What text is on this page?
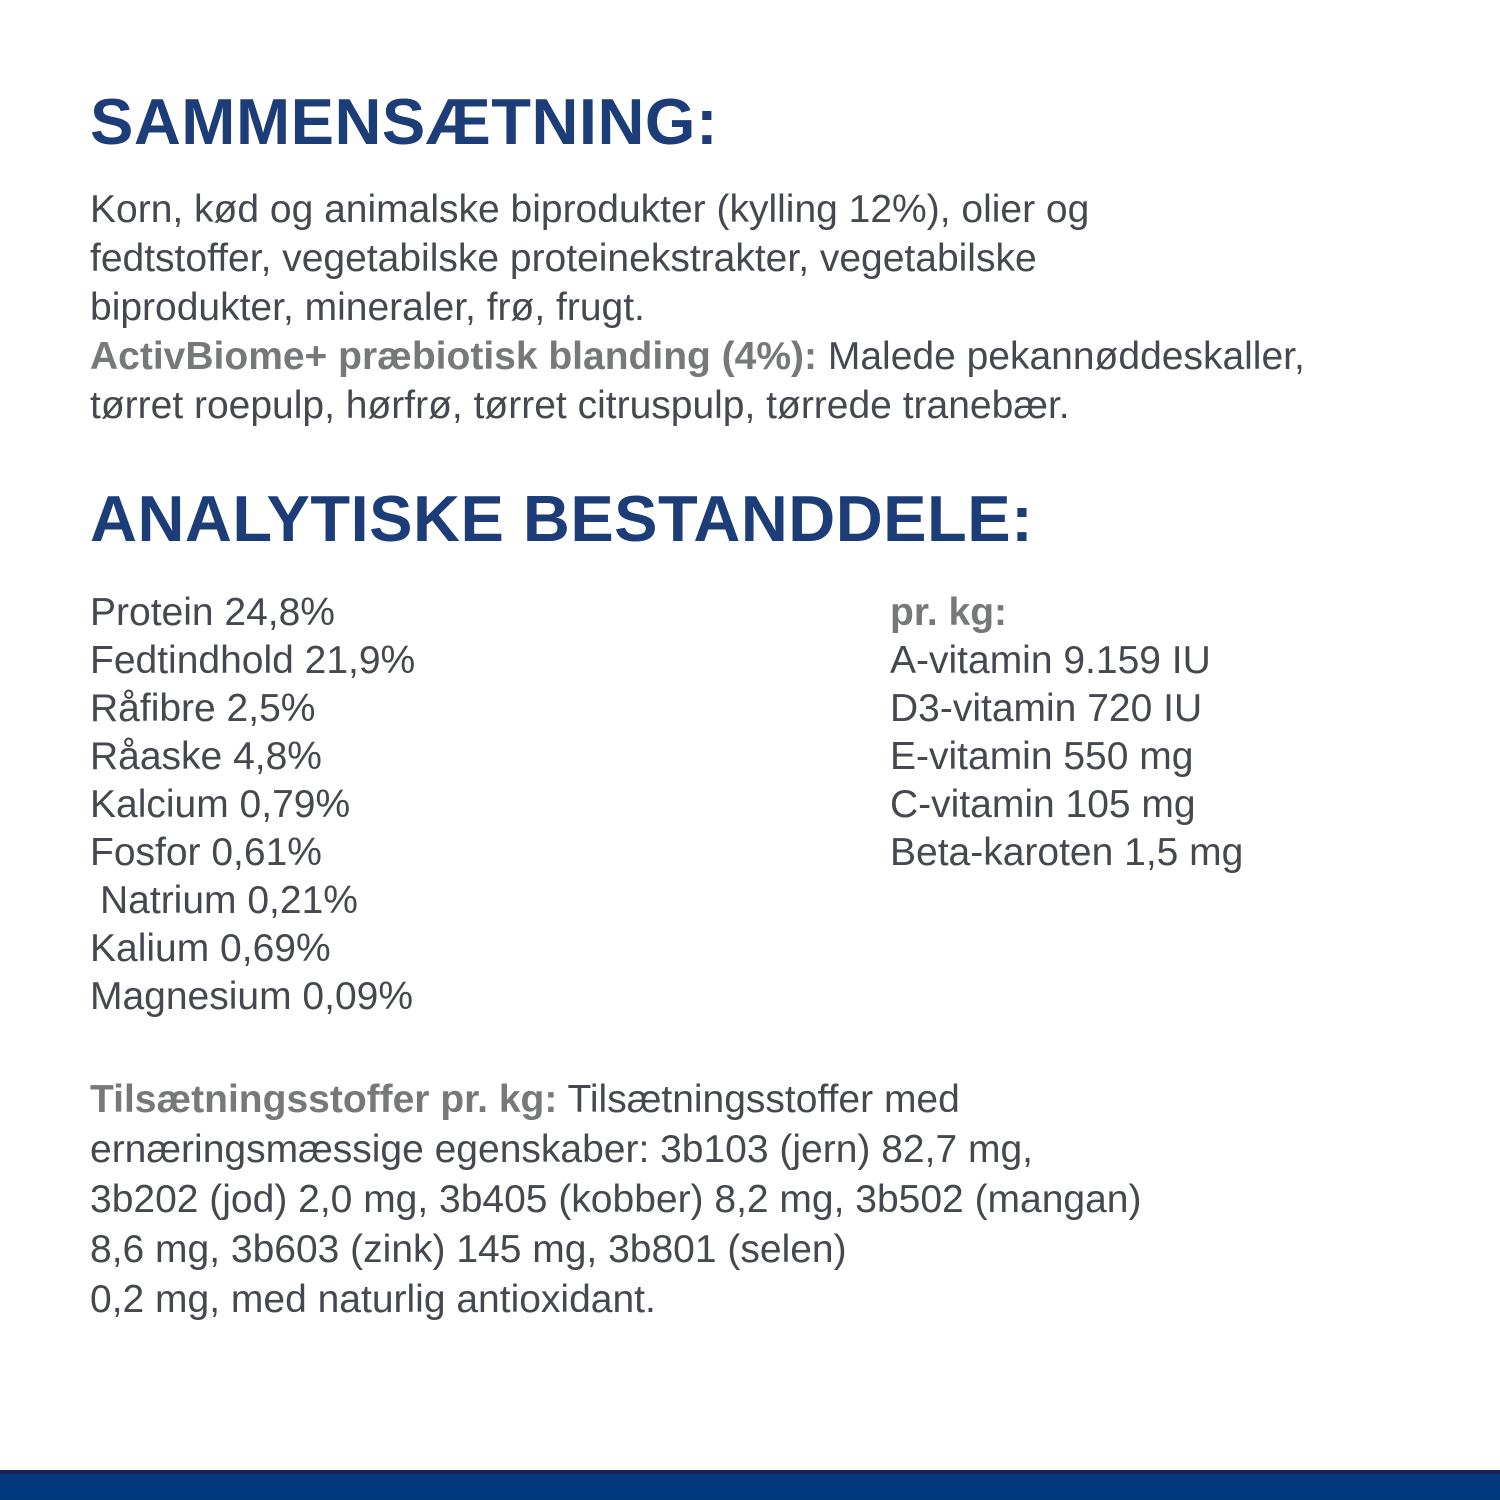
SAMMENSÆTNING:

Korn, kød og animalske biprodukter (kylling 12%), olier og
fedtstoffer, vegetabilske proteinekstrakter, vegetabilske
biprodukter, mineraler, frø, frugt.
ActivBiome+ præbiotisk blanding (4%): Malede pekannøddeskaller,
tørret roepulp, hørfrø, tørret citruspulp, tørrede tranebær.

ANALYTISKE BESTANDDELE:
Protein 24,8%
Fedtindhold 21,9%
Råfibre 2,5%
Råaske 4,8%
Kalcium 0,79%
Fosfor 0,61%
Natrium 0,21%
Kalium 0,69%
Magnesium 0,09%
pr. kg:
A-vitamin 9.159 IU
D3-vitamin 720 IU
E-vitamin 550 mg
C-vitamin 105 mg
Beta-karoten 1,5 mg

Tilsætningsstoffer pr. kg: Tilsætningsstoffer med
ernæringsmæssige egenskaber: 3b103 (jern) 82,7 mg,
3b202 (jod) 2,0 mg, 3b405 (kobber) 8,2 mg, 3b502 (mangan)
8,6 mg, 3b603 (zink) 145 mg, 3b801 (selen)
0,2 mg, med naturlig antioxidant.
